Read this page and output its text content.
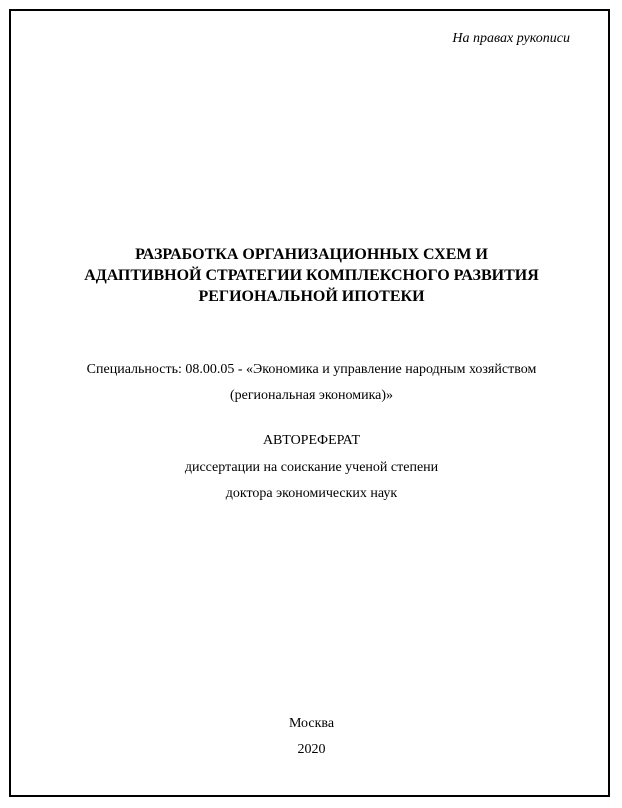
На правах рукописи
РАЗРАБОТКА ОРГАНИЗАЦИОННЫХ СХЕМ И
АДАПТИВНОЙ СТРАТЕГИИ КОМПЛЕКСНОГО РАЗВИТИЯ
РЕГИОНАЛЬНОЙ ИПОТЕКИ
Специальность: 08.00.05 - «Экономика и управление народным хозяйством
(региональная экономика)»
АВТОРЕФЕРАТ
диссертации на соискание ученой степени
доктора экономических наук
Москва
2020
